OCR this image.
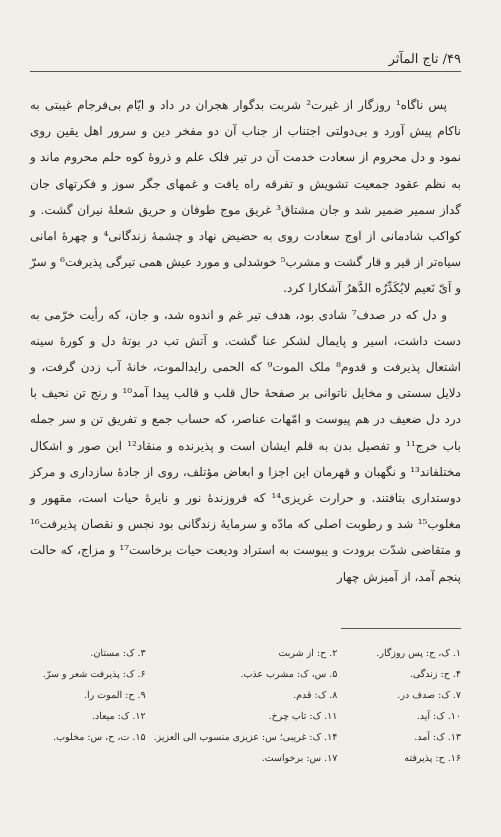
۴۹/ تاج المآثر

پس ناگاه¹ روزگار از غیرت² شربت بدگوار هجران در داد و ایّام بی‌فرجام غیبتی به ناکام پیش آورد و بی‌دولتی اجتناب از جناب آن دو مفخر دین و سرور اهل یقین روی نمود و دل محروم از سعادت خدمت آن در تیر فلک علم و ذروهٔ کوه حلم محروم ماند و به نظم عقود جمعیت تشویش و تفرقه راه یافت و غمهای جگر سوز و فکرتهای جان گداز سمیر ضمیر شد و جان مشتاق³ غریق موج طوفان و حریق شعلهٔ نیران گشت. و کواکب شادمانی از اوج سعادت روی به حضیض نهاد و چشمهٔ زندگانی⁴ و چهرهٔ امانی سیاه‌تر از قیر و قار گشت و مشرب⁵ خوشدلی و مورد عیش همی تیرگی پذیرفت⁶ و سرّ و اَیّ نَعیم لایُکَدِّرُه الدَّهرُ آشکارا کرد.

و دل که در صدف⁷ شادی بود، هدف تیر غم و اندوه شد، و جان، که رأیت خرّمی به دست داشت، اسیر و پایمال لشکر عنا گشت. و آتش تب در بوتهٔ دل و کورهٔ سینه اشتعال پذیرفت و قدوم⁸ ملک الموت⁹ که الحمی رایدالموت، خانهٔ آب زدن گرفت، و دلایل سستی و مخایل ناتوانی بر صفحهٔ حال قلب و قالب پیدا آمد¹⁰ و رنج تن نحیف با درد دل ضعیف در هم پیوست و امّهات عناصر، که حساب جمع و تفریق تن و سر جمله باب خرج¹¹ و تفصیل بدن به قلم ایشان است و پذیرنده و منقاد¹² این صور و اشکال مختلفاند¹³ و نگهبان و قهرمان این اجزا و ابعاض مؤتلف، روی از جادهٔ سازداری و مرکز دوستداری بتافتند. و حرارت غریزی¹⁴ که فروزندهٔ نور و نایرهٔ حیات است، مقهور و مغلوب¹⁵ شد و رطوبت اصلی که مادّه و سرمایهٔ زندگانی بود نجس و نقصان پذیرفت¹⁶ و متقاضی شدّت برودت و یبوست به استراد ودیعت حیات برخاست¹⁷ و مزاج، که حالت پنجم آمد، از آمیزش چهار

۱. ک، ح: پس روزگار.
۲. ح: از شربت
۳. ک: مستان.
۴. ح: زندگی.
۵. س، ک: مشرب عذب.
۶. ک: پذیرفت شعر و سرّ.
۷. ک: صدف در.
۸. ک: قدم.
۹. ح: الموت را.
۱۰. ک: آید.
۱۱. ک: تاب چرخ.
۱۲. ک: میعاد.
۱۳. ک: آمد.
۱۴. ک: غریبی؛ س: عزیزی منسوب الی العزیز.
۱۵. ت، ح، س: مخلوب.
۱۶. ح: پذیرفته
۱۷. س: برخواست.
